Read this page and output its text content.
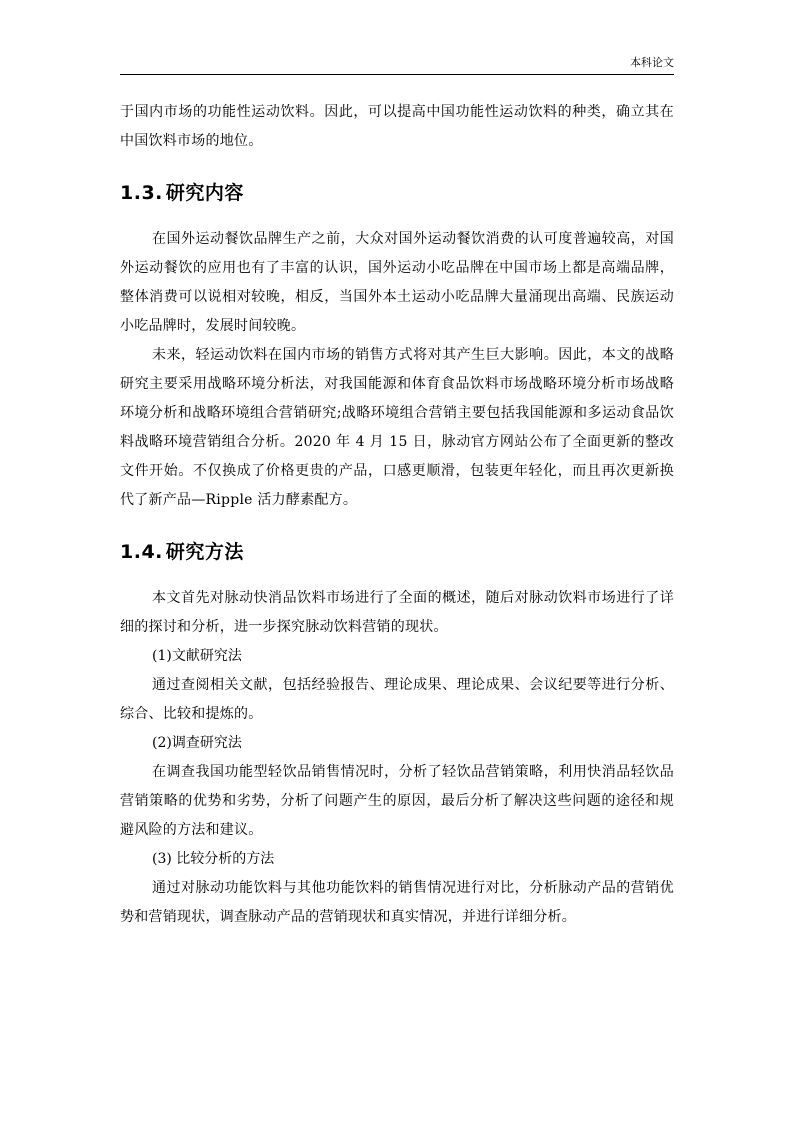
本科论文

于国内市场的功能性运动饮料。因此，可以提高中国功能性运动饮料的种类，确立其在中国饮料市场的地位。

1.3. 研究内容

在国外运动餐饮品牌生产之前，大众对国外运动餐饮消费的认可度普遍较高，对国外运动餐饮的应用也有了丰富的认识，国外运动小吃品牌在中国市场上都是高端品牌，整体消费可以说相对较晚，相反，当国外本土运动小吃品牌大量涌现出高端、民族运动小吃品牌时，发展时间较晚。

未来，轻运动饮料在国内市场的销售方式将对其产生巨大影响。因此，本文的战略研究主要采用战略环境分析法，对我国能源和体育食品饮料市场战略环境分析市场战略环境分析和战略环境组合营销研究;战略环境组合营销主要包括我国能源和多运动食品饮料战略环境营销组合分析。2020 年 4 月 15 日，脉动官方网站公布了全面更新的整改文件开始。不仅换成了价格更贵的产品，口感更顺滑，包装更年轻化，而且再次更新换代了新产品—Ripple 活力酵素配方。

1.4. 研究方法

本文首先对脉动快消品饮料市场进行了全面的概述，随后对脉动饮料市场进行了详细的探讨和分析，进一步探究脉动饮料营销的现状。

(1)文献研究法

通过查阅相关文献，包括经验报告、理论成果、理论成果、会议纪要等进行分析、综合、比较和提炼的。

(2)调查研究法

在调查我国功能型轻饮品销售情况时，分析了轻饮品营销策略，利用快消品轻饮品营销策略的优势和劣势，分析了问题产生的原因，最后分析了解决这些问题的途径和规避风险的方法和建议。

(3) 比较分析的方法

通过对脉动功能饮料与其他功能饮料的销售情况进行对比，分析脉动产品的营销优势和营销现状，调查脉动产品的营销现状和真实情况，并进行详细分析。
